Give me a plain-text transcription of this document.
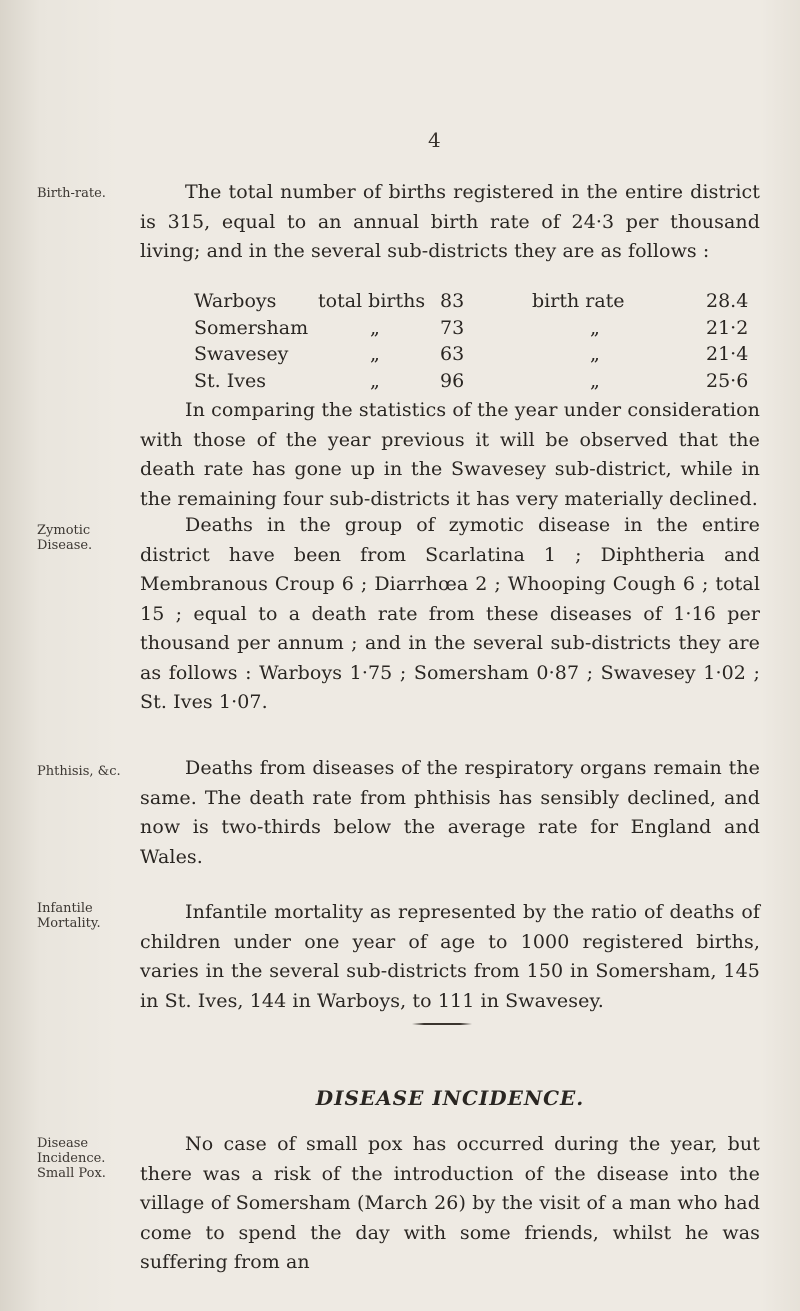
4
Birth-rate.
Zymotic Disease.
Phthisis, &c.
Infantile Mortality.
Disease Incidence. Small Pox.
The total number of births registered in the entire district is 315, equal to an annual birth rate of 24·3 per thousand living; and in the several sub-districts they are as follows :
Warboys total births 83	birth rate	28.4
Somersham	„	73	„	21·2
Swavesey	„	63	„	21·4
St. Ives	„	96	„	25·6
In comparing the statistics of the year under consideration with those of the year previous it will be observed that the death rate has gone up in the Swavesey sub-district, while in the remaining four sub-districts it has very materially declined.
Deaths in the group of zymotic disease in the entire district have been from Scarlatina 1 ; Diphtheria and Membranous Croup 6 ; Diarrhœa 2 ; Whooping Cough 6 ; total 15 ; equal to a death rate from these diseases of 1·16 per thousand per annum ; and in the several sub-districts they are as follows : Warboys 1·75 ; Somersham 0·87 ; Swavesey 1·02 ; St. Ives 1·07.
Deaths from diseases of the respiratory organs remain the same. The death rate from phthisis has sensibly declined, and now is two-thirds below the average rate for England and Wales.
Infantile mortality as represented by the ratio of deaths of children under one year of age to 1000 registered births, varies in the several sub-districts from 150 in Somersham, 145 in St. Ives, 144 in Warboys, to 111 in Swavesey.
DISEASE INCIDENCE.
No case of small pox has occurred during the year, but there was a risk of the introduction of the disease into the village of Somersham (March 26) by the visit of a man who had come to spend the day with some friends, whilst he was suffering from an
